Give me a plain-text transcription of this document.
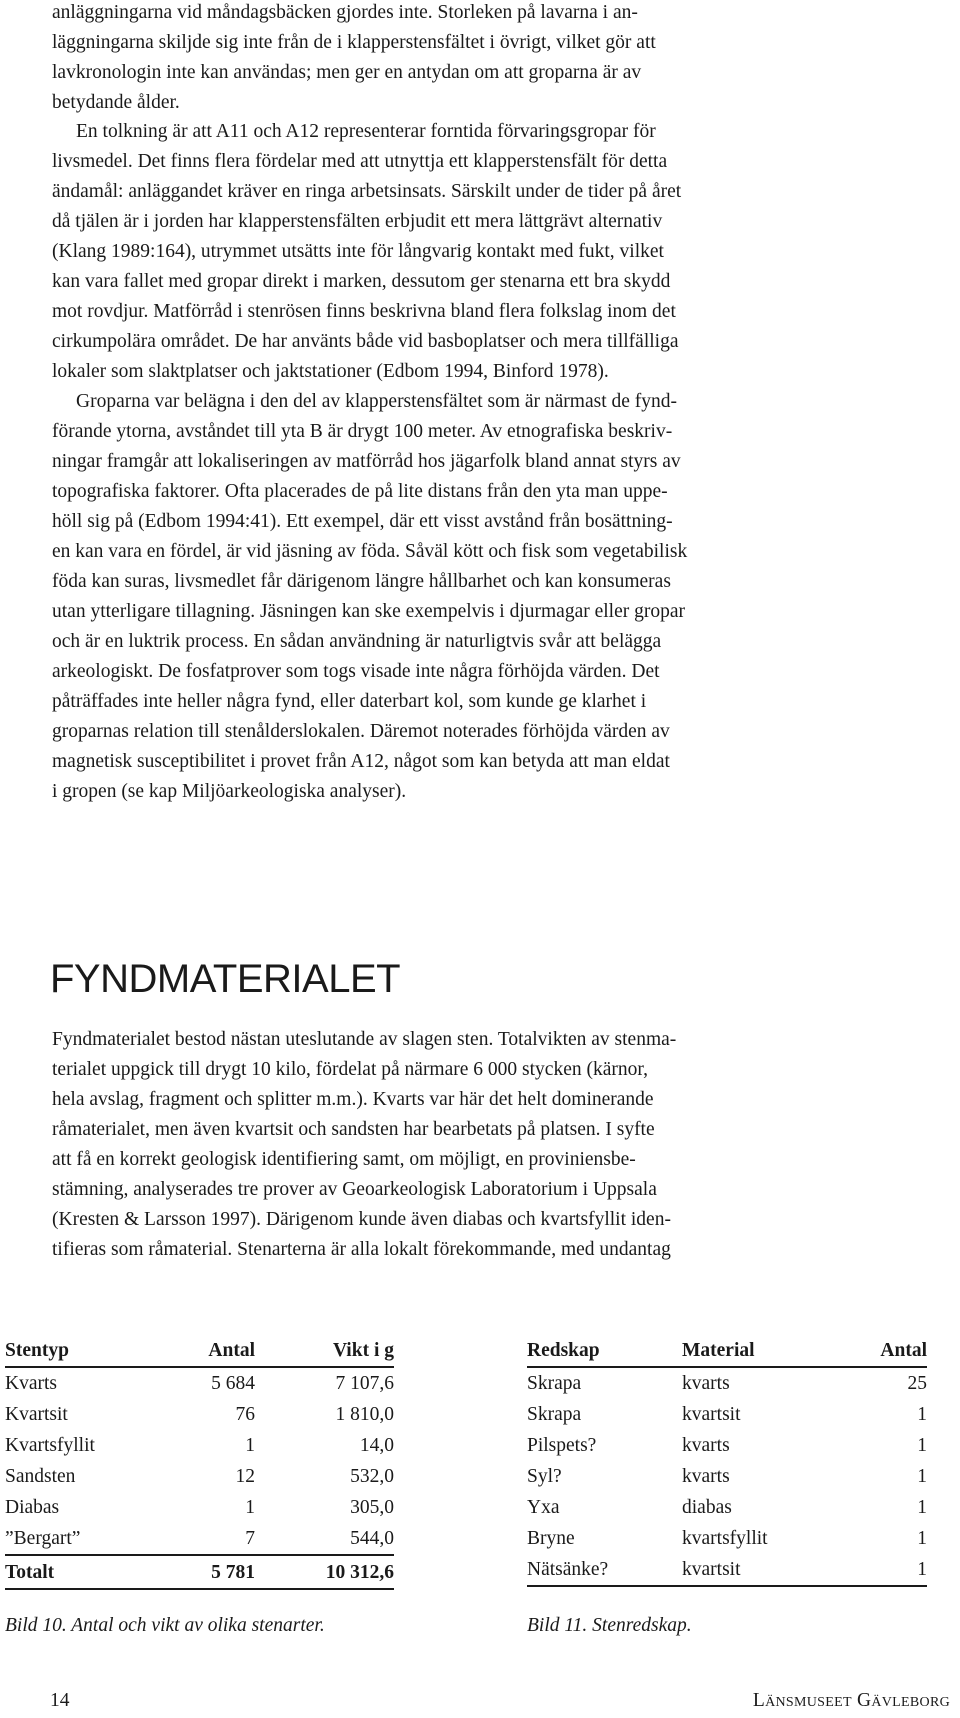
anläggningarna vid måndagsbäcken gjordes inte. Storleken på lavarna i an-
läggningarna skiljde sig inte från de i klapperstensfältet i övrigt, vilket gör att
lavkronologin inte kan användas; men ger en antydan om att groparna är av
betydande ålder.
En tolkning är att A11 och A12 representerar forntida förvaringsgropar för
livsmedel. Det finns flera fördelar med att utnyttja ett klapperstensfält för detta
ändamål: anläggandet kräver en ringa arbetsinsats. Särskilt under de tider på året
då tjälen är i jorden har klapperstensfälten erbjudit ett mera lättgrävt alternativ
(Klang 1989:164), utrymmet utsätts inte för långvarig kontakt med fukt, vilket
kan vara fallet med gropar direkt i marken, dessutom ger stenarna ett bra skydd
mot rovdjur. Matförråd i stenrösen finns beskrivna bland flera folkslag inom det
cirkumpolära området. De har använts både vid basboplatser och mera tillfälliga
lokaler som slaktplatser och jaktstationer (Edbom 1994, Binford 1978).
Groparna var belägna i den del av klapperstensfältet som är närmast de fynd-
förande ytorna, avståndet till yta B är drygt 100 meter. Av etnografiska beskriv-
ningar framgår att lokaliseringen av matförråd hos jägarfolk bland annat styrs av
topografiska faktorer. Ofta placerades de på lite distans från den yta man uppe-
höll sig på (Edbom 1994:41). Ett exempel, där ett visst avstånd från bosättning-
en kan vara en fördel, är vid jäsning av föda. Såväl kött och fisk som vegetabilisk
föda kan suras, livsmedlet får därigenom längre hållbarhet och kan konsumeras
utan ytterligare tillagning. Jäsningen kan ske exempelvis i djurmagar eller gropar
och är en luktrik process. En sådan användning är naturligtvis svår att belägga
arkeologiskt. De fosfatprover som togs visade inte några förhöjda värden. Det
påträffades inte heller några fynd, eller daterbart kol, som kunde ge klarhet i
groparnas relation till stenålderslokalen. Däremot noterades förhöjda värden av
magnetisk susceptibilitet i provet från A12, något som kan betyda att man eldat
i gropen (se kap Miljöarkeologiska analyser).
FYNDMATERIALET
Fyndmaterialet bestod nästan uteslutande av slagen sten. Totalvikten av stenma-
terialet uppgick till drygt 10 kilo, fördelat på närmare 6 000 stycken (kärnor,
hela avslag, fragment och splitter m.m.). Kvarts var här det helt dominerande
råmaterialet, men även kvartsit och sandsten har bearbetats på platsen. I syfte
att få en korrekt geologisk identifiering samt, om möjligt, en proviniensbe-
stämning, analyserades tre prover av Geoarkeologisk Laboratorium i Uppsala
(Kresten & Larsson 1997). Därigenom kunde även diabas och kvartsfyllit iden-
tifieras som råmaterial. Stenarterna är alla lokalt förekommande, med undantag
Stentyp	Antal	Vikt i g
Kvarts	5 684	7 107,6
Kvartsit	76	1 810,0
Kvartsfyllit	1	14,0
Sandsten	12	532,0
Diabas	1	305,0
”Bergart”	7	544,0
Totalt	5 781	10 312,6
Redskap	Material	Antal
Skrapa	kvarts	25
Skrapa	kvartsit	1
Pilspets?	kvarts	1
Syl?	kvarts	1
Yxa	diabas	1
Bryne	kvartsfyllit	1
Nätsänke?	kvartsit	1
Bild 10. Antal och vikt av olika stenarter.	Bild 11. Stenredskap.
14	Länsmuseet Gävleborg
